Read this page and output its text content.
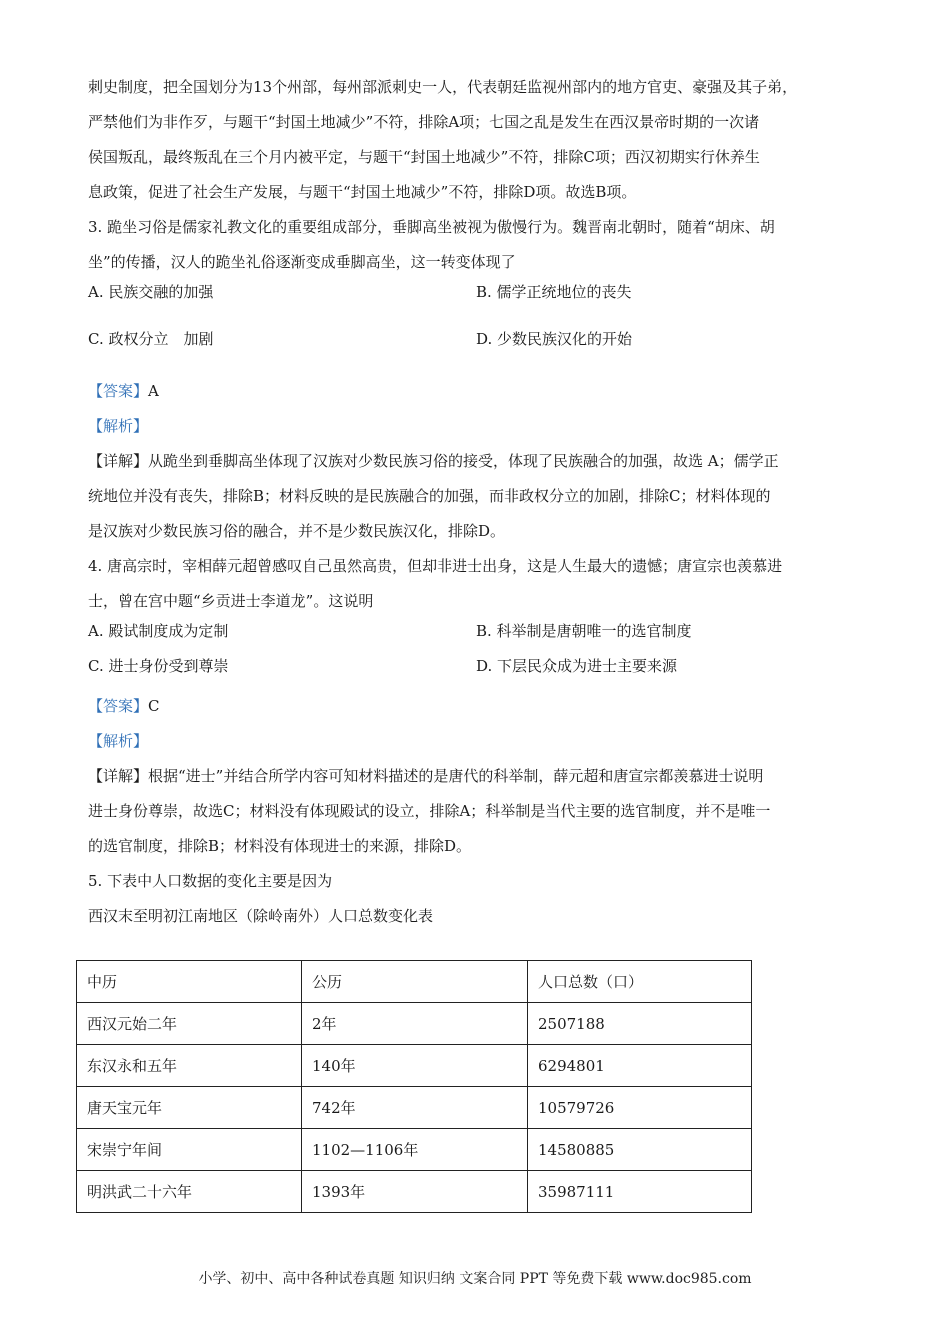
刺史制度，把全国划分为13个州部，每州部派刺史一人，代表朝廷监视州部内的地方官吏、豪强及其子弟，

严禁他们为非作歹，与题干“封国土地减少”不符，排除A项；七国之乱是发生在西汉景帝时期的一次诸

侯国叛乱，最终叛乱在三个月内被平定，与题干“封国土地减少”不符，排除C项；西汉初期实行休养生

息政策，促进了社会生产发展，与题干“封国土地减少”不符，排除D项。故选B项。

3. 跪坐习俗是儒家礼教文化的重要组成部分，垂脚高坐被视为傲慢行为。魏晋南北朝时，随着“胡床、胡

坐”的传播，汉人的跪坐礼俗逐渐变成垂脚高坐，这一转变体现了

A. 民族交融的加强	B. 儒学正统地位的丧失
C. 政权分立　加剧	D. 少数民族汉化的开始

【答案】A

【解析】

【详解】从跪坐到垂脚高坐体现了汉族对少数民族习俗的接受，体现了民族融合的加强，故选 A；儒学正

统地位并没有丧失，排除B；材料反映的是民族融合的加强，而非政权分立的加剧，排除C；材料体现的

是汉族对少数民族习俗的融合，并不是少数民族汉化，排除D。

4. 唐高宗时，宰相薛元超曾感叹自己虽然高贵，但却非进士出身，这是人生最大的遗憾；唐宣宗也羡慕进

士，曾在宫中题“乡贡进士李道龙”。这说明

A. 殿试制度成为定制	B. 科举制是唐朝唯一的选官制度
C. 进士身份受到尊崇	D. 下层民众成为进士主要来源

【答案】C

【解析】

【详解】根据“进士”并结合所学内容可知材料描述的是唐代的科举制，薛元超和唐宣宗都羡慕进士说明

进士身份尊崇，故选C；材料没有体现殿试的设立，排除A；科举制是当代主要的选官制度，并不是唯一

的选官制度，排除B；材料没有体现进士的来源，排除D。

5. 下表中人口数据的变化主要是因为

西汉末至明初江南地区（除岭南外）人口总数变化表

中历	公历	人口总数（口）
西汉元始二年	2年	2507188
东汉永和五年	140年	6294801
唐天宝元年	742年	10579726
宋崇宁年间	1102—1106年	14580885
明洪武二十六年	1393年	35987111
小学、初中、高中各种试卷真题 知识归纳 文案合同 PPT 等免费下载 www.doc985.com
